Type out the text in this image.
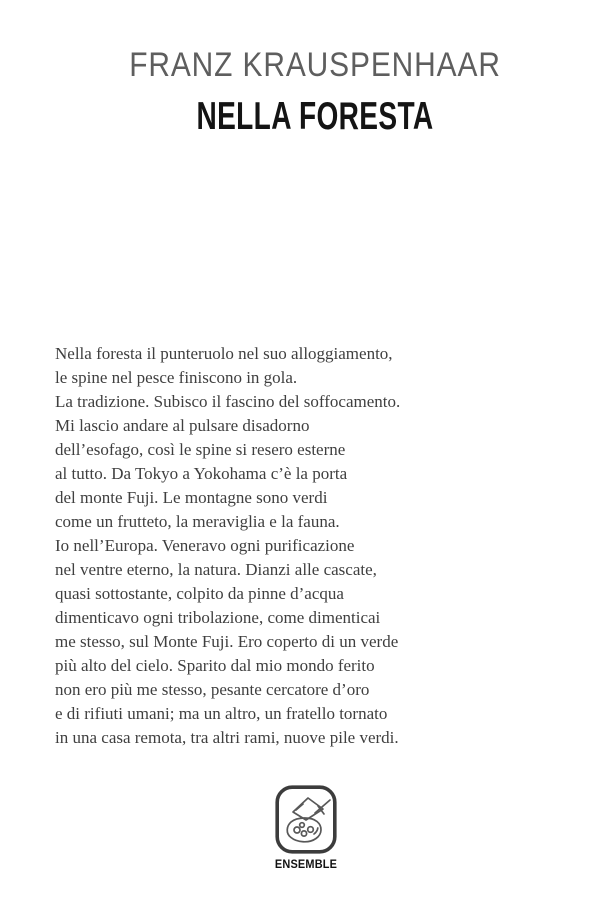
FRANZ KRAUSPENHAAR
NELLA FORESTA
Nella foresta il punteruolo nel suo alloggiamento,
le spine nel pesce finiscono in gola.
La tradizione. Subisco il fascino del soffocamento.
Mi lascio andare al pulsare disadorno
dell’esofago, così le spine si resero esterne
al tutto. Da Tokyo a Yokohama c’è la porta
del monte Fuji. Le montagne sono verdi
come un frutteto, la meraviglia e la fauna.
Io nell’Europa. Veneravo ogni purificazione
nel ventre eterno, la natura. Dianzi alle cascate,
quasi sottostante, colpito da pinne d’acqua
dimenticavo ogni tribolazione, come dimenticai
me stesso, sul Monte Fuji. Ero coperto di un verde
più alto del cielo. Sparito dal mio mondo ferito
non ero più me stesso, pesante cercatore d’oro
e di rifiuti umani; ma un altro, un fratello tornato
in una casa remota, tra altri rami, nuove pile verdi.
ENSEMBLE
